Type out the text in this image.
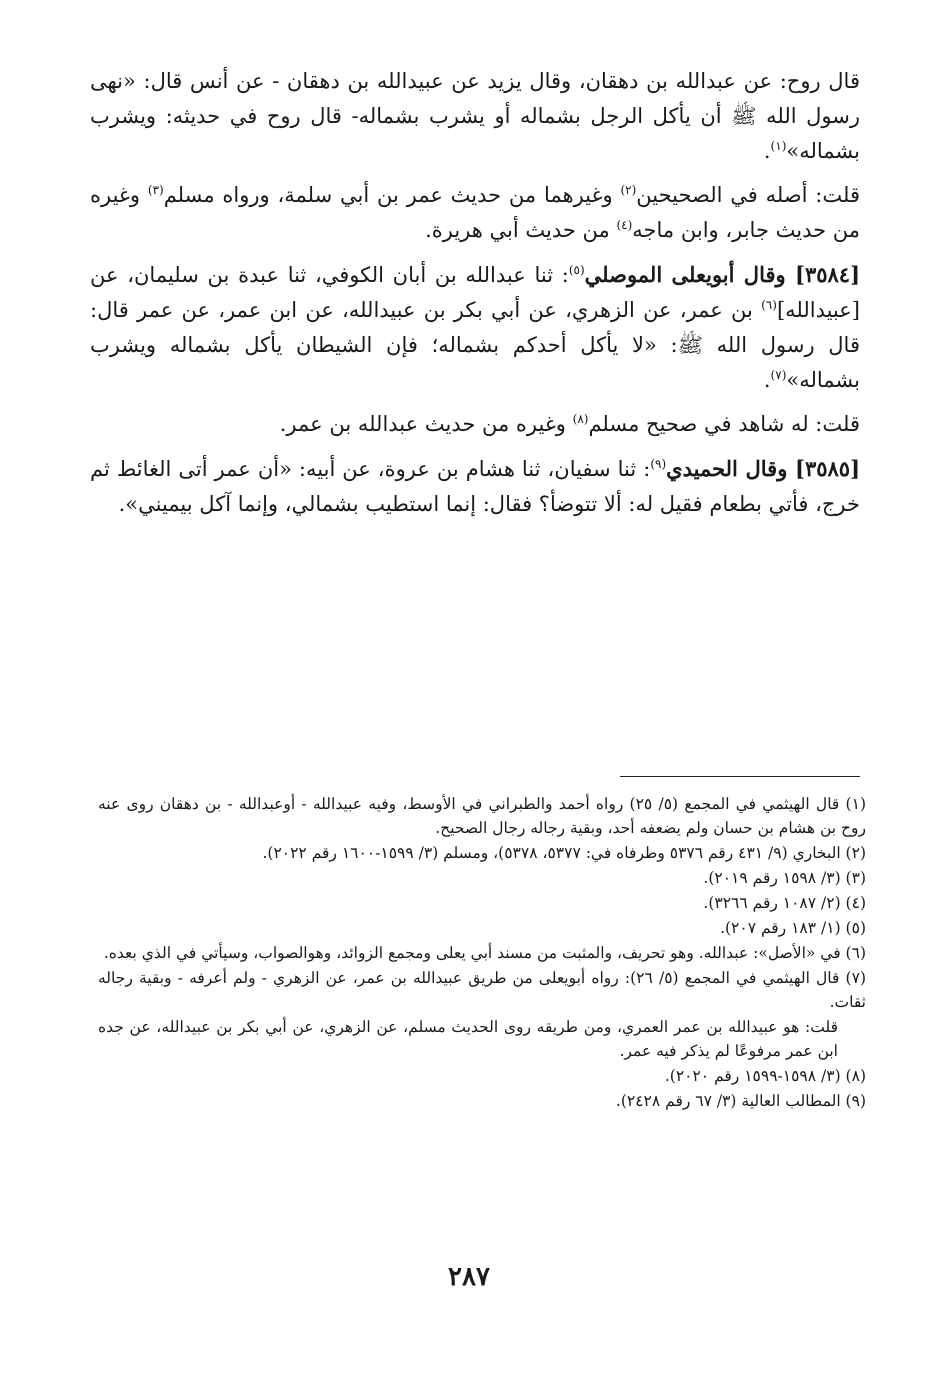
قال روح: عن عبدالله بن دهقان، وقال يزيد عن عبيدالله بن دهقان - عن أنس قال: «نهى رسول الله ﷺ أن يأكل الرجل بشماله أو يشرب بشماله- قال روح في حديثه: ويشرب بشماله»$^{(١)}$.

قلت: أصله في الصحيحين$^{(٢)}$ وغيرهما من حديث عمر بن أبي سلمة، ورواه مسلم$^{(٣)}$ وغيره من حديث جابر، وابن ماجه$^{(٤)}$ من حديث أبي هريرة.

[٣٥٨٤] وقال أبويعلى الموصلي$^{(٥)}$: ثنا عبدالله بن أبان الكوفي، ثنا عبدة بن سليمان، عن [عبيدالله]$^{(٦)}$ بن عمر، عن الزهري، عن أبي بكر بن عبيدالله، عن ابن عمر، عن عمر قال: قال رسول الله ﷺ: «لا يأكل أحدكم بشماله؛ فإن الشيطان يأكل بشماله ويشرب بشماله»$^{(٧)}$.

قلت: له شاهد في صحيح مسلم$^{(٨)}$ وغيره من حديث عبدالله بن عمر.

[٣٥٨٥] وقال الحميدي$^{(٩)}$: ثنا سفيان، ثنا هشام بن عروة، عن أبيه: «أن عمر أتى الغائط ثم خرج، فأتي بطعام فقيل له: ألا تتوضأ؟ فقال: إنما استطيب بشمالي، وإنما آكل بيميني».

(١) قال الهيثمي في المجمع (٥/ ٢٥) رواه أحمد والطبراني في الأوسط، وفيه عبيدالله - أوعبدالله - بن دهقان روى عنه روح بن هشام بن حسان ولم يضعفه أحد، وبقية رجاله رجال الصحيح.

(٢) البخاري (٩/ ٤٣١ رقم ٥٣٧٦ وطرفاه في: ٥٣٧٧، ٥٣٧٨)، ومسلم (٣/ ١٥٩٩-١٦٠٠ رقم ٢٠٢٢).

(٣) (٣/ ١٥٩٨ رقم ٢٠١٩).

(٤) (٢/ ١٠٨٧ رقم ٣٢٦٦).

(٥) (١/ ١٨٣ رقم ٢٠٧).

(٦) في «الأصل»: عبدالله. وهو تحريف، والمثبت من مسند أبي يعلى ومجمع الزوائد، وهوالصواب، وسيأتي في الذي بعده.

(٧) قال الهيثمي في المجمع (٥/ ٢٦): رواه أبويعلى من طريق عبيدالله بن عمر، عن الزهري - ولم أعرفه - وبقية رجاله ثقات.

قلت: هو عبيدالله بن عمر العمري، ومن طريقه روى الحديث مسلم، عن الزهري، عن أبي بكر بن عبيدالله، عن جده ابن عمر مرفوعًا لم يذكر فيه عمر.

(٨) (٣/ ١٥٩٨-١٥٩٩ رقم ٢٠٢٠).

(٩) المطالب العالية (٣/ ٦٧ رقم ٢٤٢٨).

٢٨٧
